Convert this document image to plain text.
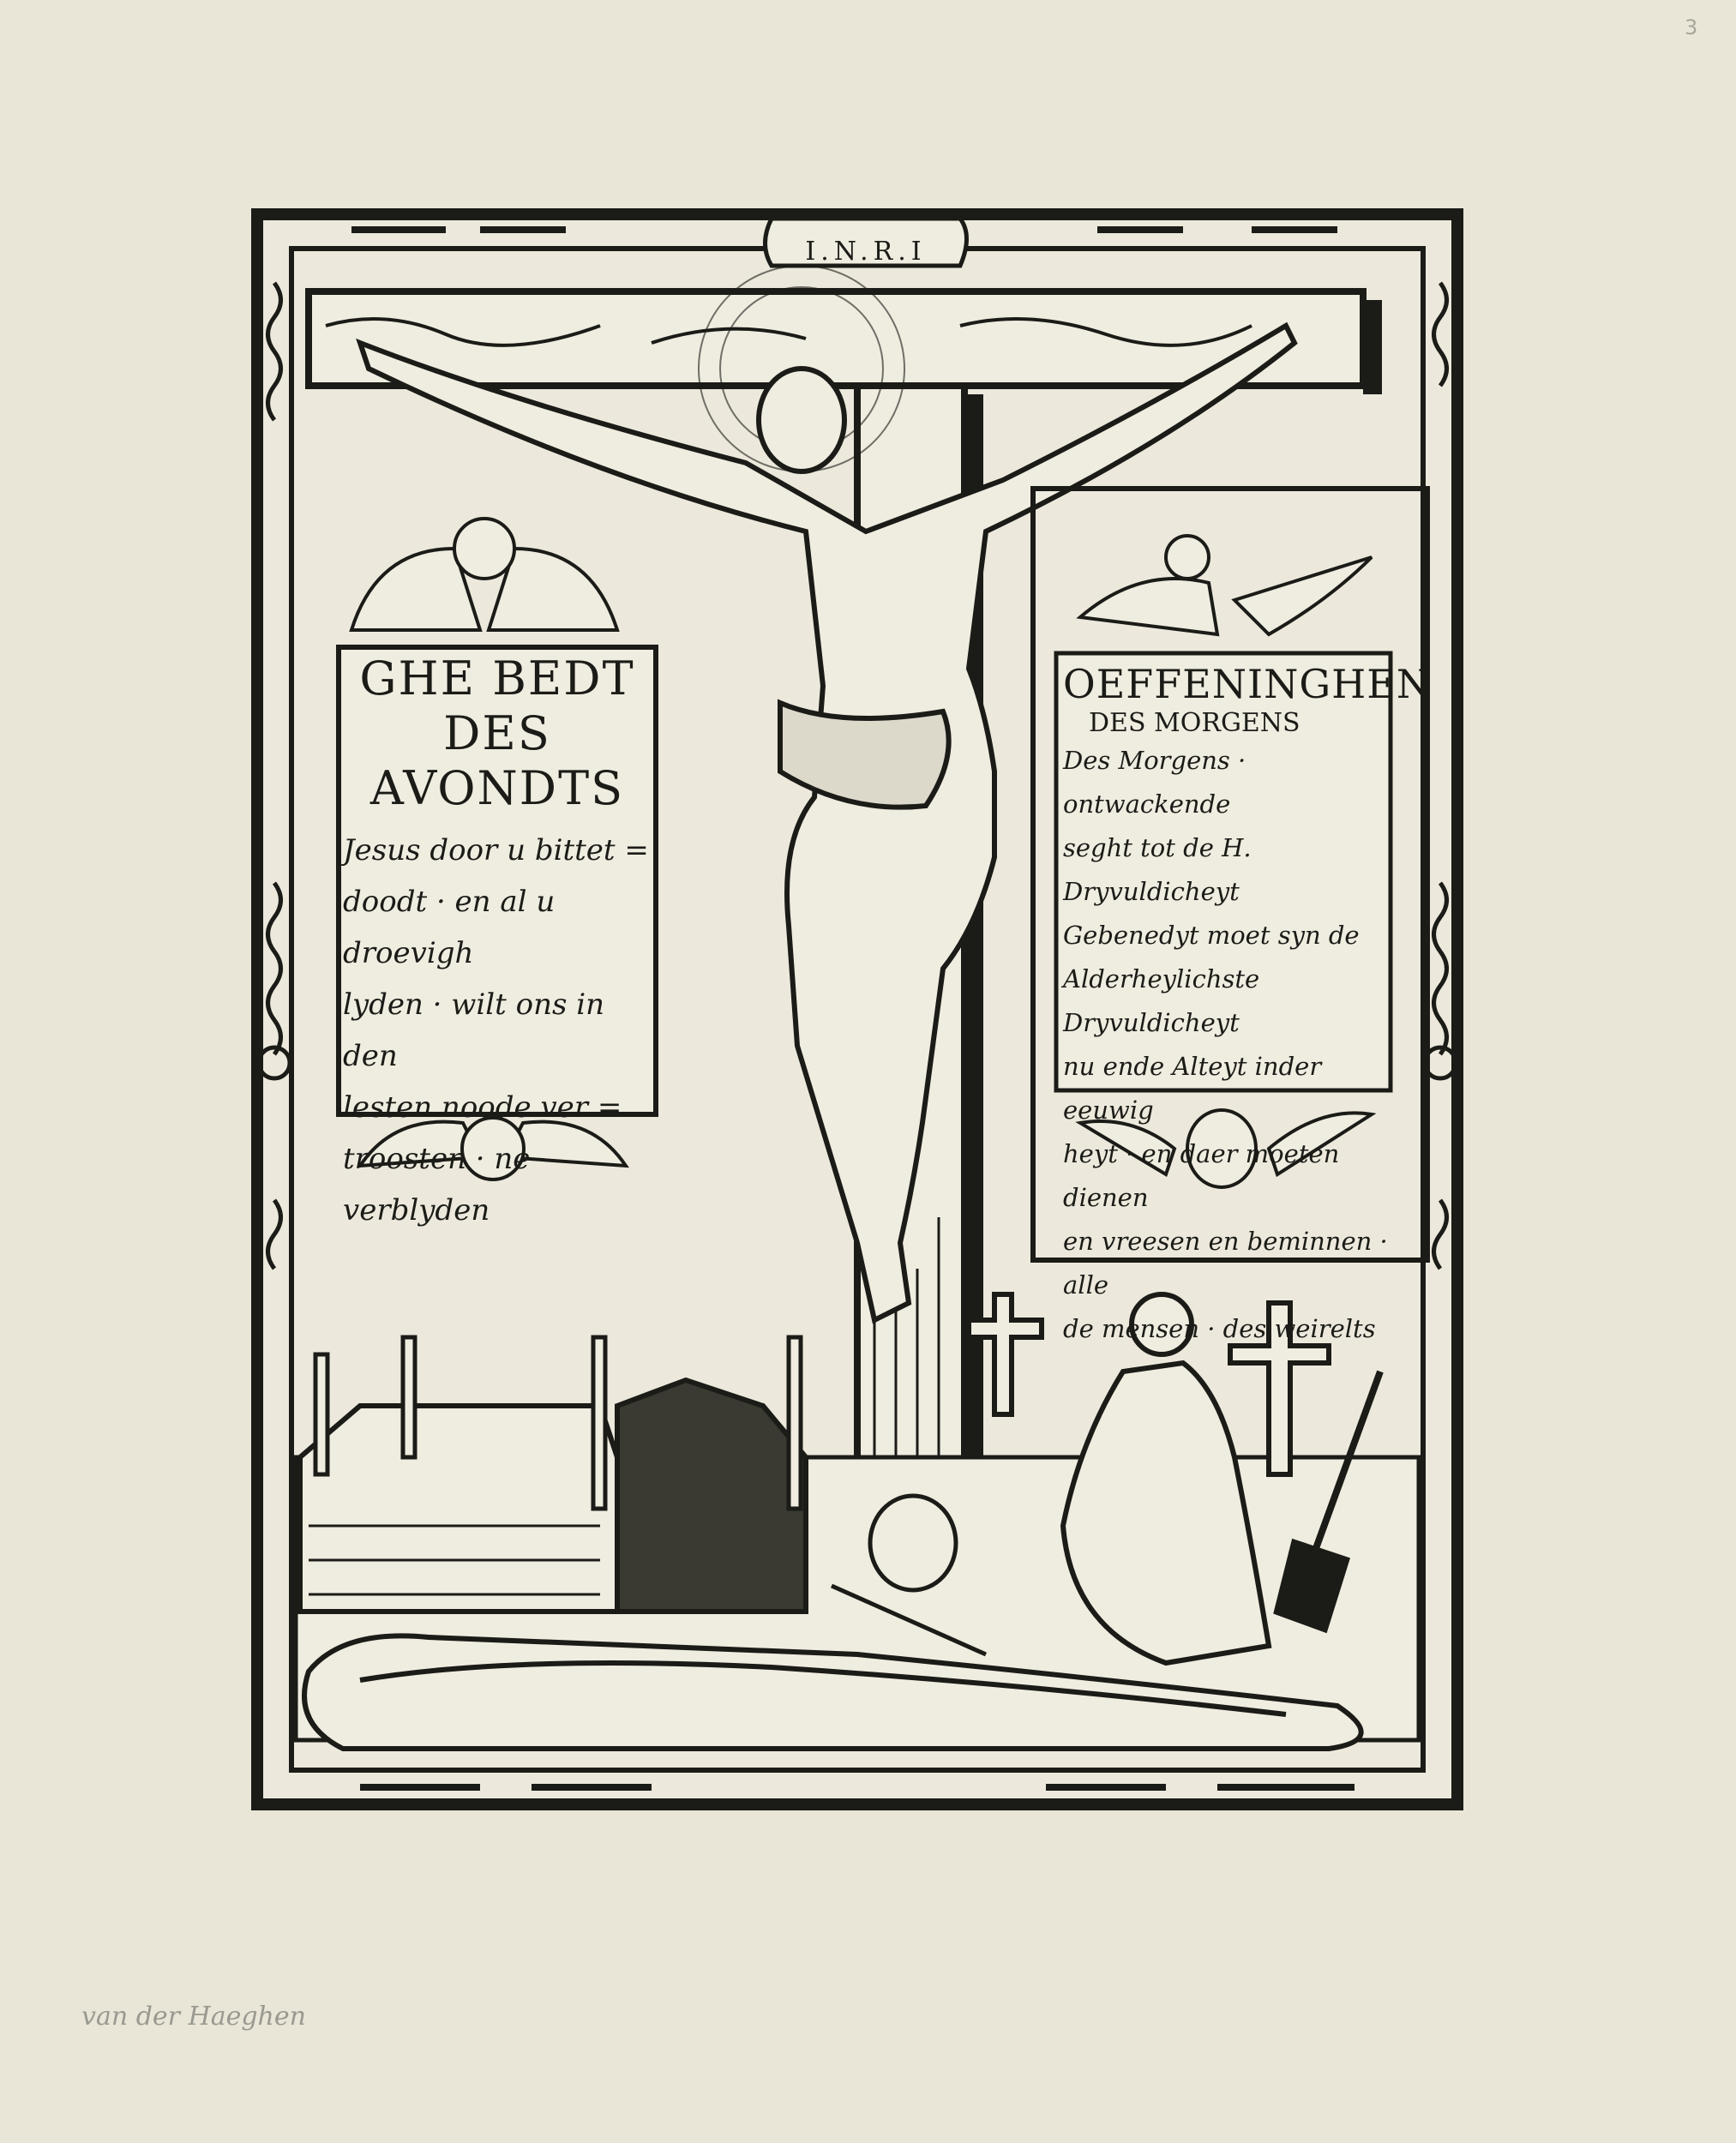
I.N.R.I
GHE BEDT
DES
AVONDTS
Jesus door u bittet =
doodt · en al u droevigh
lyden · wilt ons in den
lesten noode ver =
troosten · ne verblyden
OEFFENINGHEN
DES MORGENS
Des Morgens · ontwackende
seght tot de H. Dryvuldicheyt
Gebenedyt moet syn de
Alderheylichste Dryvuldicheyt
nu ende Alteyt inder eeuwig
heyt · en daer moeten dienen
en vreesen en beminnen · alle
de mensen · des weirelts
van der Haeghen
3
